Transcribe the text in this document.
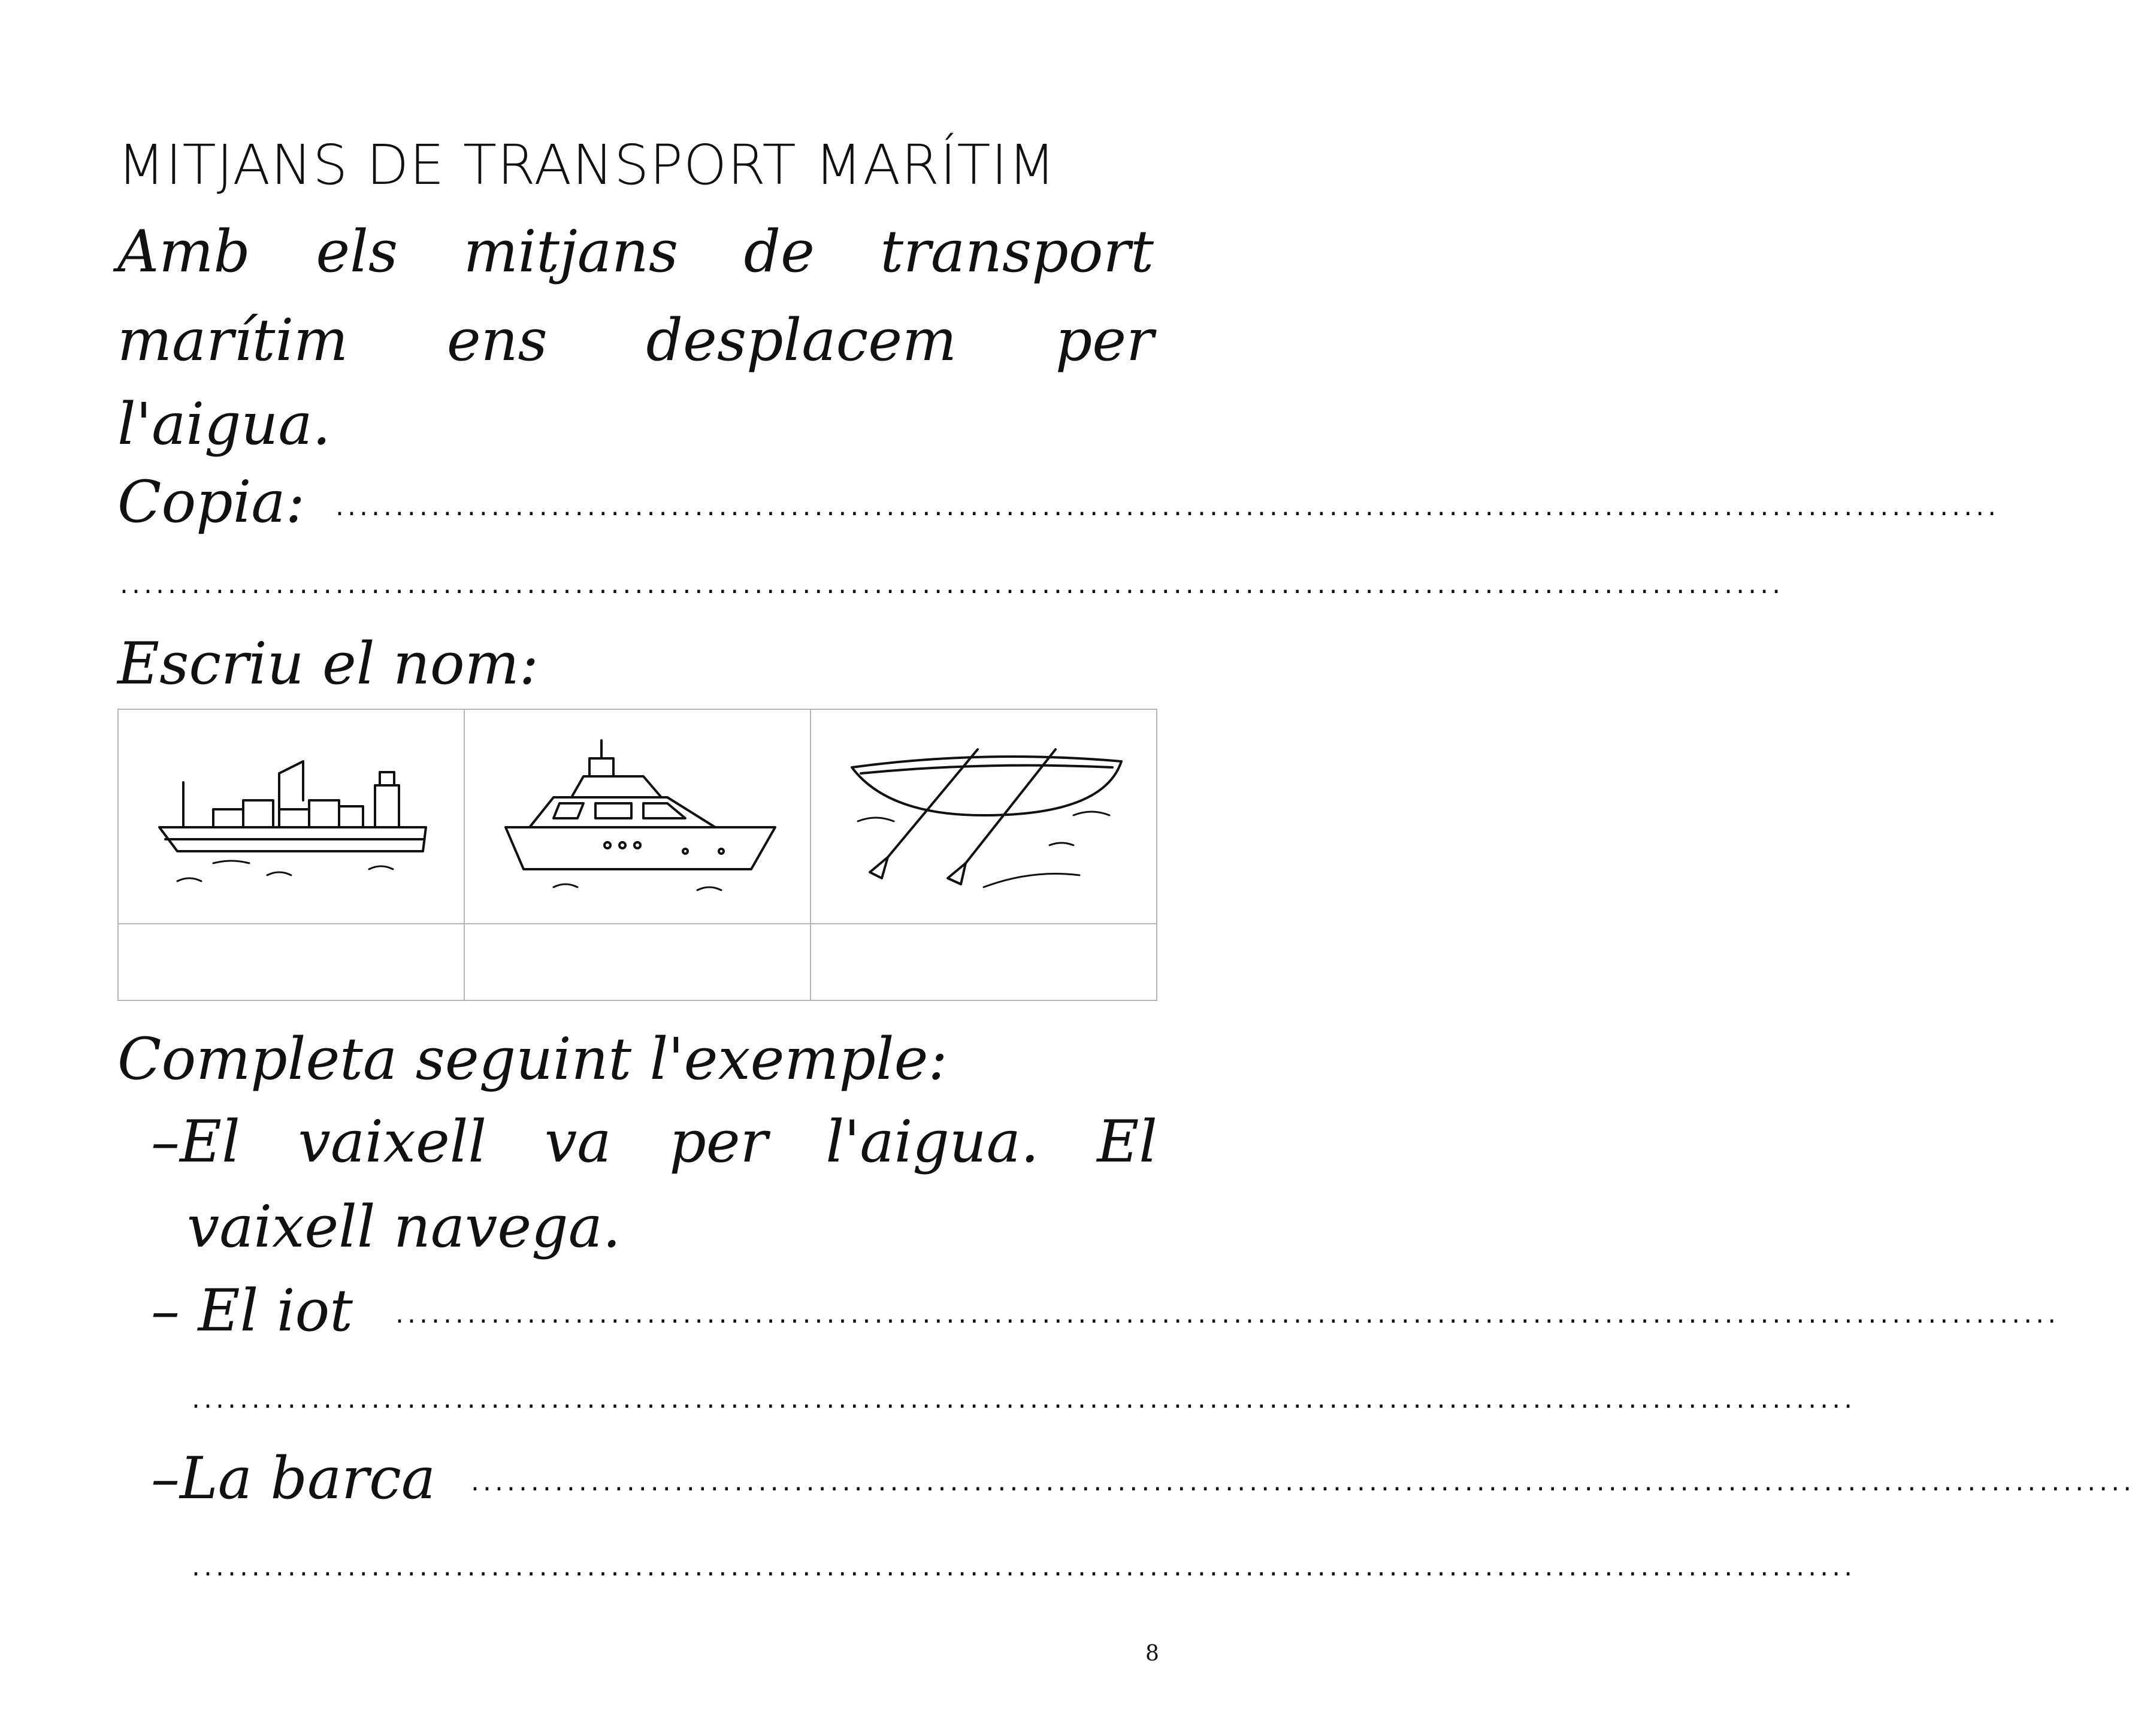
MITJANS DE TRANSPORT MARÍTIM
Amb els mitjans de transport
marítim ens desplacem per
l'aigua.
Copia: ...........................................................................................................................................
...........................................................................................................................................
Escriu el nom:

Completa seguint l'exemple:
–El vaixell va per l'aigua. El
vaixell navega.
– El iot ...........................................................................................................................................
...........................................................................................................................................
–La barca ...........................................................................................................................................
...........................................................................................................................................
8
